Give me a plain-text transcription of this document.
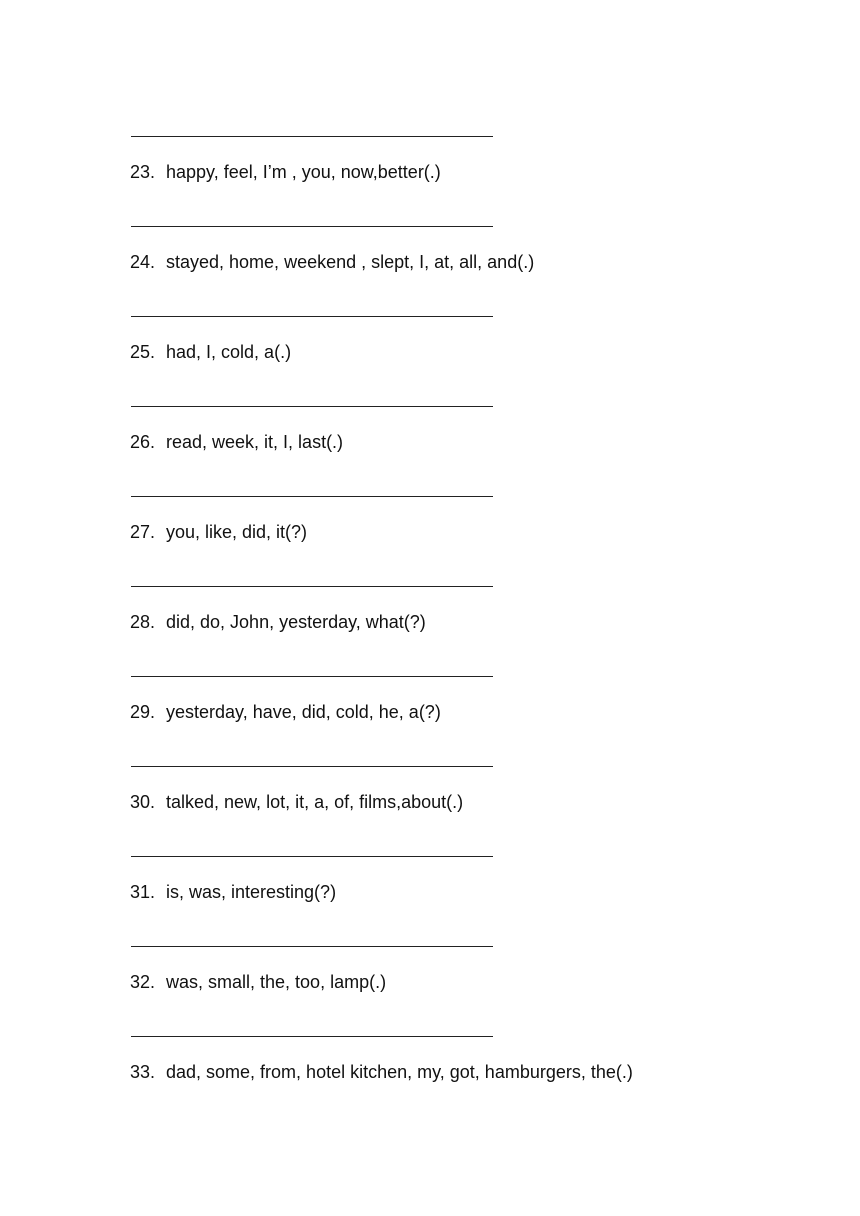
23. happy, feel, I’m , you, now,better(.)
24. stayed, home, weekend , slept, I, at, all, and(.)
25. had, I, cold, a(.)
26. read, week, it, I, last(.)
27. you, like, did, it(?)
28. did, do, John, yesterday, what(?)
29. yesterday, have, did, cold, he, a(?)
30. talked, new, lot, it, a, of, films,about(.)
31. is, was, interesting(?)
32. was, small, the, too, lamp(.)
33. dad, some, from, hotel kitchen, my, got, hamburgers, the(.)
